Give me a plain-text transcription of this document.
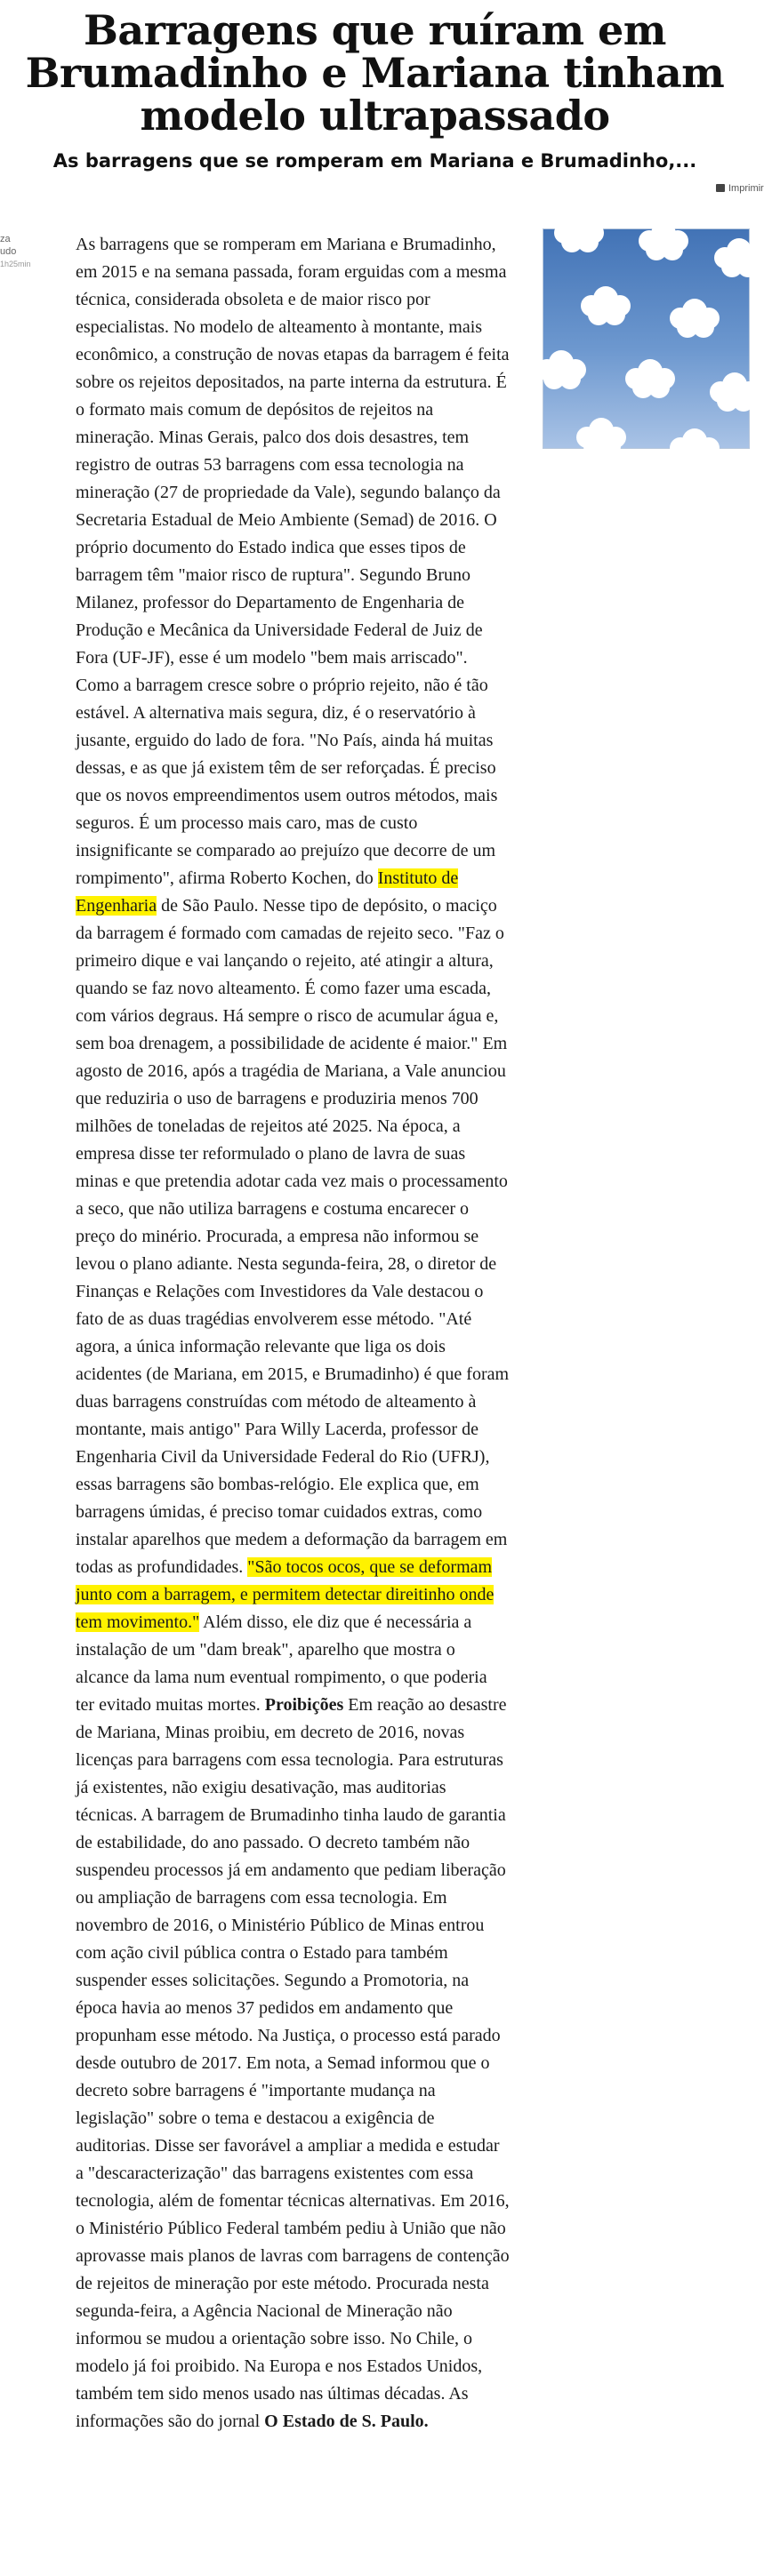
Barragens que ruíram em Brumadinho e Mariana tinham modelo ultrapassado

As barragens que se romperam em Mariana e Brumadinho,...

Imprimir
za
udo
1h25min

As barragens que se romperam em Mariana e Brumadinho, em 2015 e na semana passada, foram erguidas com a mesma técnica, considerada obsoleta e de maior risco por especialistas. No modelo de alteamento à montante, mais econômico, a construção de novas etapas da barragem é feita sobre os rejeitos depositados, na parte interna da estrutura. É o formato mais comum de depósitos de rejeitos na mineração. Minas Gerais, palco dos dois desastres, tem registro de outras 53 barragens com essa tecnologia na mineração (27 de propriedade da Vale), segundo balanço da Secretaria Estadual de Meio Ambiente (Semad) de 2016. O próprio documento do Estado indica que esses tipos de barragem têm "maior risco de ruptura". Segundo Bruno Milanez, professor do Departamento de Engenharia de Produção e Mecânica da Universidade Federal de Juiz de Fora (UF-JF), esse é um modelo "bem mais arriscado". Como a barragem cresce sobre o próprio rejeito, não é tão estável. A alternativa mais segura, diz, é o reservatório à jusante, erguido do lado de fora. "No País, ainda há muitas dessas, e as que já existem têm de ser reforçadas. É preciso que os novos empreendimentos usem outros métodos, mais seguros. É um processo mais caro, mas de custo insignificante se comparado ao prejuízo que decorre de um rompimento", afirma Roberto Kochen, do Instituto de Engenharia de São Paulo. Nesse tipo de depósito, o maciço da barragem é formado com camadas de rejeito seco. "Faz o primeiro dique e vai lançando o rejeito, até atingir a altura, quando se faz novo alteamento. É como fazer uma escada, com vários degraus. Há sempre o risco de acumular água e, sem boa drenagem, a possibilidade de acidente é maior." Em agosto de 2016, após a tragédia de Mariana, a Vale anunciou que reduziria o uso de barragens e produziria menos 700 milhões de toneladas de rejeitos até 2025. Na época, a empresa disse ter reformulado o plano de lavra de suas minas e que pretendia adotar cada vez mais o processamento a seco, que não utiliza barragens e costuma encarecer o preço do minério. Procurada, a empresa não informou se levou o plano adiante. Nesta segunda-feira, 28, o diretor de Finanças e Relações com Investidores da Vale destacou o fato de as duas tragédias envolverem esse método. "Até agora, a única informação relevante que liga os dois acidentes (de Mariana, em 2015, e Brumadinho) é que foram duas barragens construídas com método de alteamento à montante, mais antigo" Para Willy Lacerda, professor de Engenharia Civil da Universidade Federal do Rio (UFRJ), essas barragens são bombas-relógio. Ele explica que, em barragens úmidas, é preciso tomar cuidados extras, como instalar aparelhos que medem a deformação da barragem em todas as profundidades. "São tocos ocos, que se deformam junto com a barragem, e permitem detectar direitinho onde tem movimento." Além disso, ele diz que é necessária a instalação de um "dam break", aparelho que mostra o alcance da lama num eventual rompimento, o que poderia ter evitado muitas mortes. Proibições Em reação ao desastre de Mariana, Minas proibiu, em decreto de 2016, novas licenças para barragens com essa tecnologia. Para estruturas já existentes, não exigiu desativação, mas auditorias técnicas. A barragem de Brumadinho tinha laudo de garantia de estabilidade, do ano passado. O decreto também não suspendeu processos já em andamento que pediam liberação ou ampliação de barragens com essa tecnologia. Em novembro de 2016, o Ministério Público de Minas entrou com ação civil pública contra o Estado para também suspender esses solicitações. Segundo a Promotoria, na época havia ao menos 37 pedidos em andamento que propunham esse método. Na Justiça, o processo está parado desde outubro de 2017. Em nota, a Semad informou que o decreto sobre barragens é "importante mudança na legislação" sobre o tema e destacou a exigência de auditorias. Disse ser favorável a ampliar a medida e estudar a "descaracterização" das barragens existentes com essa tecnologia, além de fomentar técnicas alternativas. Em 2016, o Ministério Público Federal também pediu à União que não aprovasse mais planos de lavras com barragens de contenção de rejeitos de mineração por este método. Procurada nesta segunda-feira, a Agência Nacional de Mineração não informou se mudou a orientação sobre isso. No Chile, o modelo já foi proibido. Na Europa e nos Estados Unidos, também tem sido menos usado nas últimas décadas. As informações são do jornal O Estado de S. Paulo.
